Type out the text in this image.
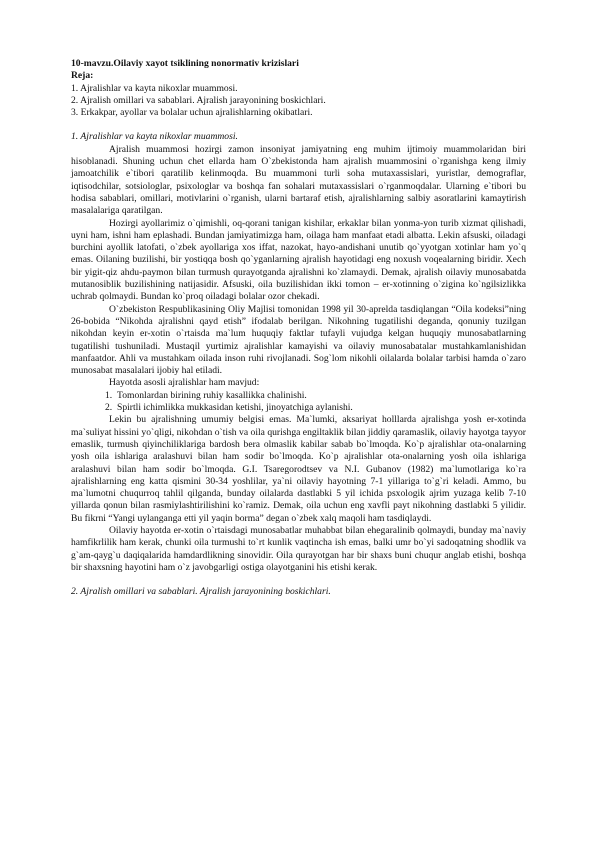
10-mavzu.Oilaviy xayot tsiklining nonormativ krizislari
Reja:
1. Ajralishlar va kayta nikoxlar muammosi.
2. Ajralish omillari va sabablari. Ajralish jarayonining boskichlari.
3. Erkakpar, ayollar va bolalar uchun ajralishlarning okibatlari.
1. Ajralishlar va kayta nikoxlar muammosi.

Ajralish muammosi hozirgi zamon insoniyat jamiyatning eng muhim ijtimoiy muammolaridan biri hisoblanadi. Shuning uchun chet ellarda ham O`zbekistonda ham ajralish muammosini o`rganishga keng ilmiy jamoatchilik e`tibori qaratilib kelinmoqda. Bu muammoni turli soha mutaxassislari, yuristlar, demograflar, iqtisodchilar, sotsiologlar, psixologlar va boshqa fan sohalari mutaxassislari o`rganmoqdalar. Ularning e`tibori bu hodisa sabablari, omillari, motivlarini o`rganish, ularni bartaraf etish, ajralishlarning salbiy asoratlarini kamaytirish masalalariga qaratilgan.

Hozirgi ayollarimiz o`qimishli, oq-qorani tanigan kishilar, erkaklar bilan yonma-yon turib xizmat qilishadi, uyni ham, ishni ham eplashadi. Bundan jamiyatimizga ham, oilaga ham manfaat etadi albatta. Lekin afsuski, oiladagi burchini ayollik latofati, o`zbek ayollariga xos iffat, nazokat, hayo-andishani unutib qo`yyotgan xotinlar ham yo`q emas. Oilaning buzilishi, bir yostiqqa bosh qo`yganlarning ajralish hayotidagi eng noxush voqealarning biridir. Xech bir yigit-qiz ahdu-paymon bilan turmush qurayotganda ajralishni ko`zlamaydi. Demak, ajralish oilaviy munosabatda mutanosiblik buzilishining natijasidir. Afsuski, oila buzilishidan ikki tomon – er-xotinning o`zigina ko`ngilsizlikka uchrab qolmaydi. Bundan ko`proq oiladagi bolalar ozor chekadi.

O`zbekiston Respublikasining Oliy Majlisi tomonidan 1998 yil 30-aprelda tasdiqlangan “Oila kodeksi”ning 26-bobida “Nikohda ajralishni qayd etish” ifodalab berilgan. Nikohning tugatilishi deganda, qonuniy tuzilgan nikohdan keyin er-xotin o`rtaisda ma`lum huquqiy faktlar tufayli vujudga kelgan huquqiy munosabatlarning tugatilishi tushuniladi. Mustaqil yurtimiz ajralishlar kamayishi va oilaviy munosabatalar mustahkamlanishidan manfaatdor. Ahli va mustahkam oilada inson ruhi rivojlanadi. Sog`lom nikohli oilalarda bolalar tarbisi hamda o`zaro munosabat masalalari ijobiy hal etiladi.

Hayotda asosli ajralishlar ham mavjud:

1. Tomonlardan birining ruhiy kasallikka chalinishi.
2. Spirtli ichimlikka mukkasidan ketishi, jinoyatchiga aylanishi.

Lekin bu ajralishning umumiy belgisi emas. Ma`lumki, aksariyat holllarda ajralishga yosh er-xotinda ma`suliyat hissini yo`qligi, nikohdan o`tish va oila qurishga engiltaklik bilan jiddiy qaramaslik, oilaviy hayotga tayyor emaslik, turmush qiyinchiliklariga bardosh bera olmaslik kabilar sabab bo`lmoqda. Ko`p ajralishlar ota-onalarning yosh oila ishlariga aralashuvi bilan ham sodir bo`lmoqda. Ko`p ajralishlar ota-onalarning yosh oila ishlariga aralashuvi bilan ham sodir bo`lmoqda. G.I. Tsaregorodtsev va N.I. Gubanov (1982) ma`lumotlariga ko`ra ajralishlarning eng katta qismini 30-34 yoshlilar, ya`ni oilaviy hayotning 7-1 yillariga to`g`ri keladi. Ammo, bu ma`lumotni chuqurroq tahlil qilganda, bunday oilalarda dastlabki 5 yil ichida psxologik ajrim yuzaga kelib 7-10 yillarda qonun bilan rasmiylashtirilishini ko`ramiz. Demak, oila uchun eng xavfli payt nikohning dastlabki 5 yilidir. Bu fikrni “Yangi uylanganga etti yil yaqin borma” degan o`zbek xalq maqoli ham tasdiqlaydi.

Oilaviy hayotda er-xotin o`rtaisdagi munosabatlar muhabbat bilan ehegaralinib qolmaydi, bunday ma`naviy hamfikrlilik ham kerak, chunki oila turmushi to`rt kunlik vaqtincha ish emas, balki umr bo`yi sadoqatning shodlik va g`am-qayg`u daqiqalarida hamdardlikning sinovidir. Oila qurayotgan har bir shaxs buni chuqur anglab etishi, boshqa bir shaxsning hayotini ham o`z javobgarligi ostiga olayotganini his etishi kerak.

2. Ajralish omillari va sabablari. Ajralish jarayonining boskichlari.
